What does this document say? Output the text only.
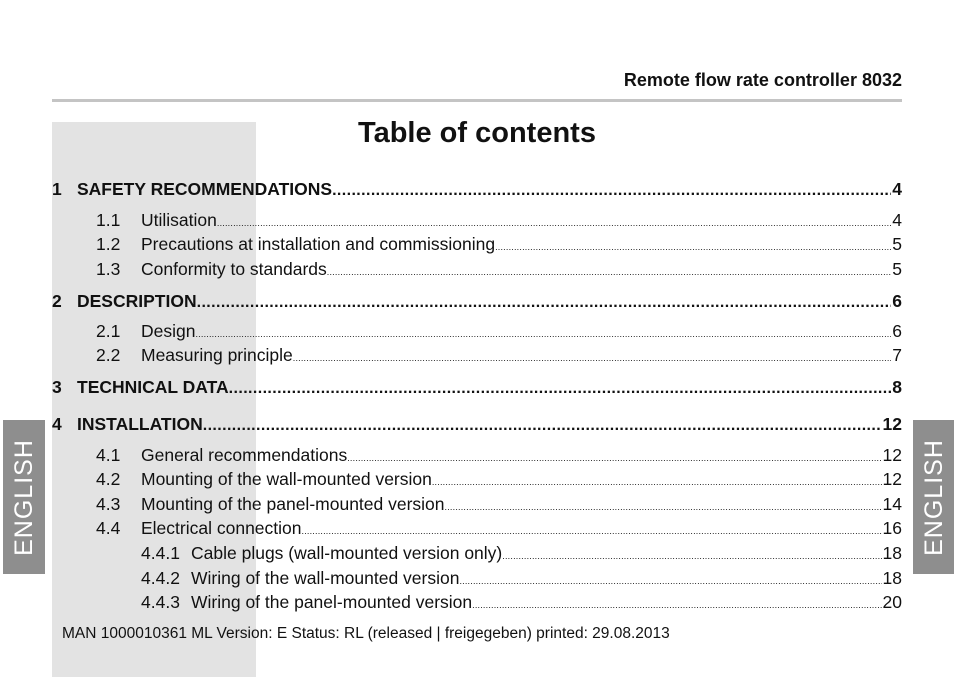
Remote flow rate controller 8032
Table of contents
ENGLISH	ENGLISH
1 SAFETY RECOMMENDATIONS .....	4
1.1	Utilisation .....	4
1.2	Precautions at installation and commissioning .....	5
1.3	Conformity to standards .....	5
2 DESCRIPTION .....	6
2.1	Design .....	6
2.2	Measuring principle .....	7
3 TECHNICAL DATA .....	8
4 INSTALLATION .....	12
4.1	General recommendations .....	12
4.2	Mounting of the wall-mounted version .....	12
4.3	Mounting of the panel-mounted version .....	14
4.4	Electrical connection .....	16
4.4.1 Cable plugs (wall-mounted version only) .....	18
4.4.2 Wiring of the wall-mounted version .....	18
4.4.3 Wiring of the panel-mounted version .....	20
MAN 1000010361 ML Version: E Status: RL (released | freigegeben) printed: 29.08.2013
